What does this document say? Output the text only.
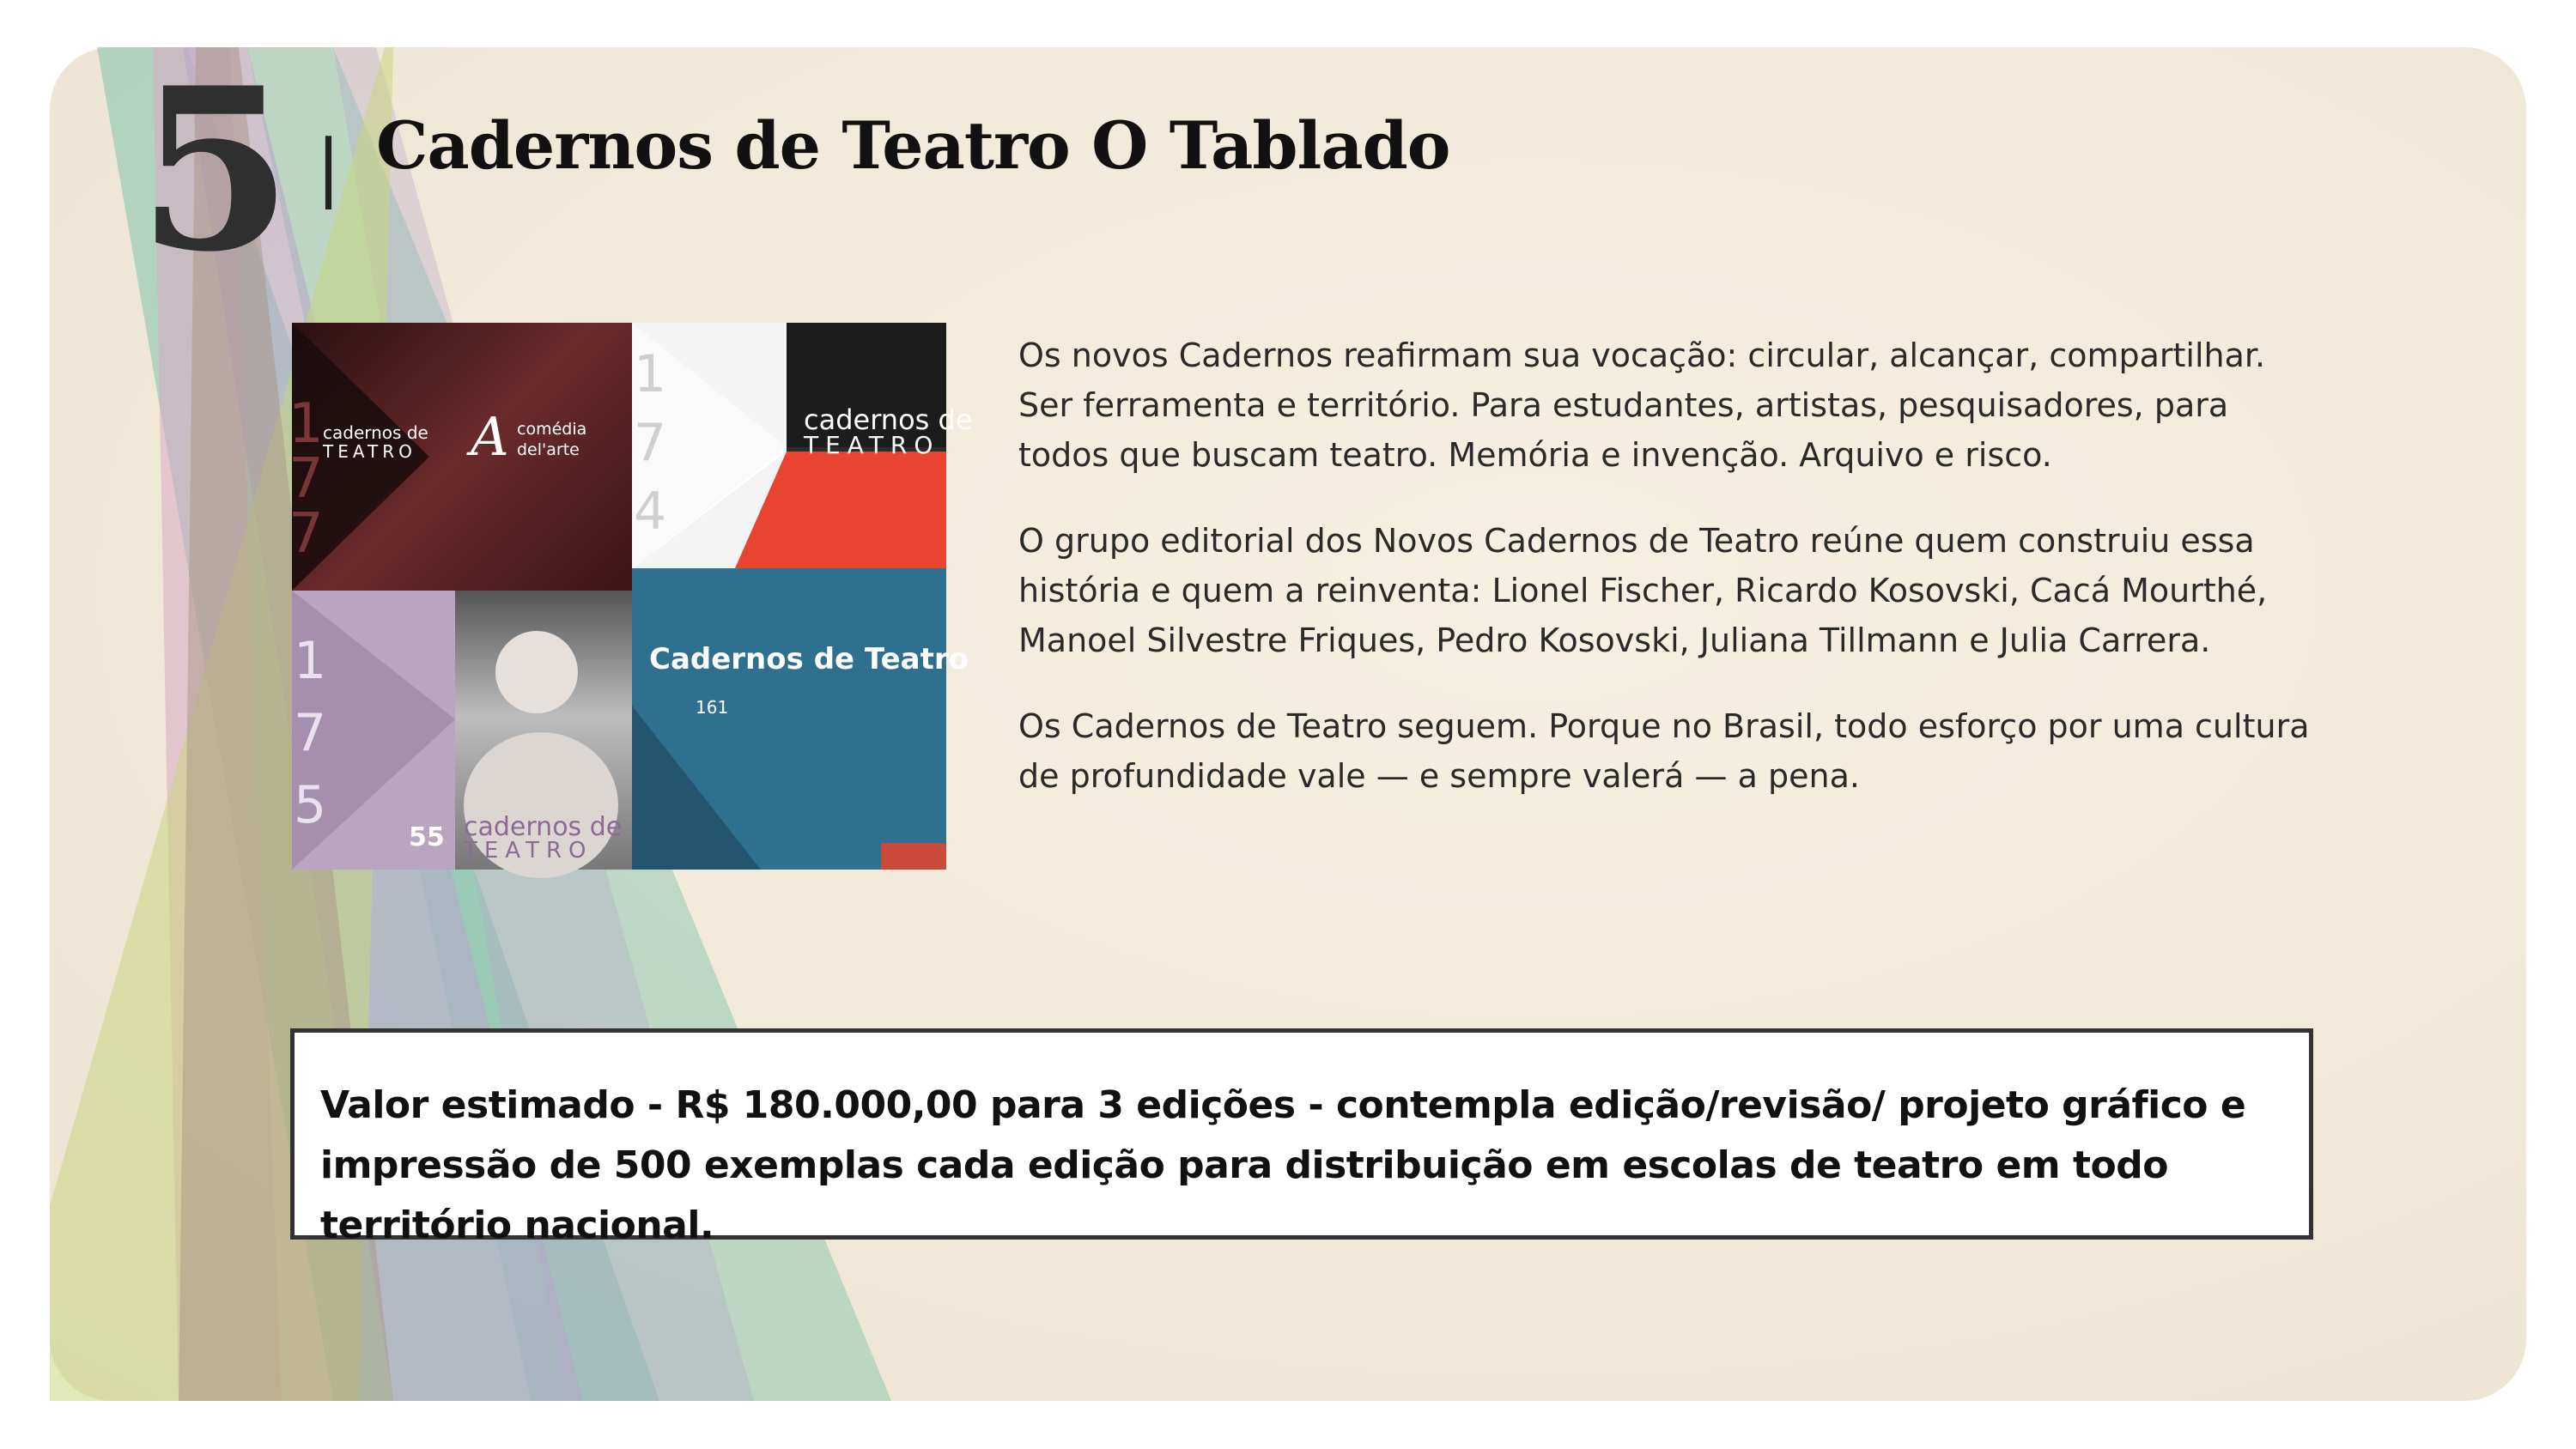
5 | Cadernos de Teatro O Tablado
177
cadernos de
TEATRO A comédia del'arte
174
cadernos de
TEATRO
175
55 cadernos de
TEATRO
Cadernos de Teatro
161

Os novos Cadernos reafirmam sua vocação: circular, alcançar, compartilhar. Ser ferramenta e território. Para estudantes, artistas, pesquisadores, para todos que buscam teatro. Memória e invenção. Arquivo e risco.

O grupo editorial dos Novos Cadernos de Teatro reúne quem construiu essa história e quem a reinventa: Lionel Fischer, Ricardo Kosovski, Cacá Mourthé, Manoel Silvestre Friques, Pedro Kosovski, Juliana Tillmann e Julia Carrera.

Os Cadernos de Teatro seguem. Porque no Brasil, todo esforço por uma cultura de profundidade vale — e sempre valerá — a pena.

Valor estimado - R$ 180.000,00 para 3 edições - contempla edição/revisão/ projeto gráfico e impressão de 500 exemplas cada edição para distribuição em escolas de teatro em todo território nacional.
